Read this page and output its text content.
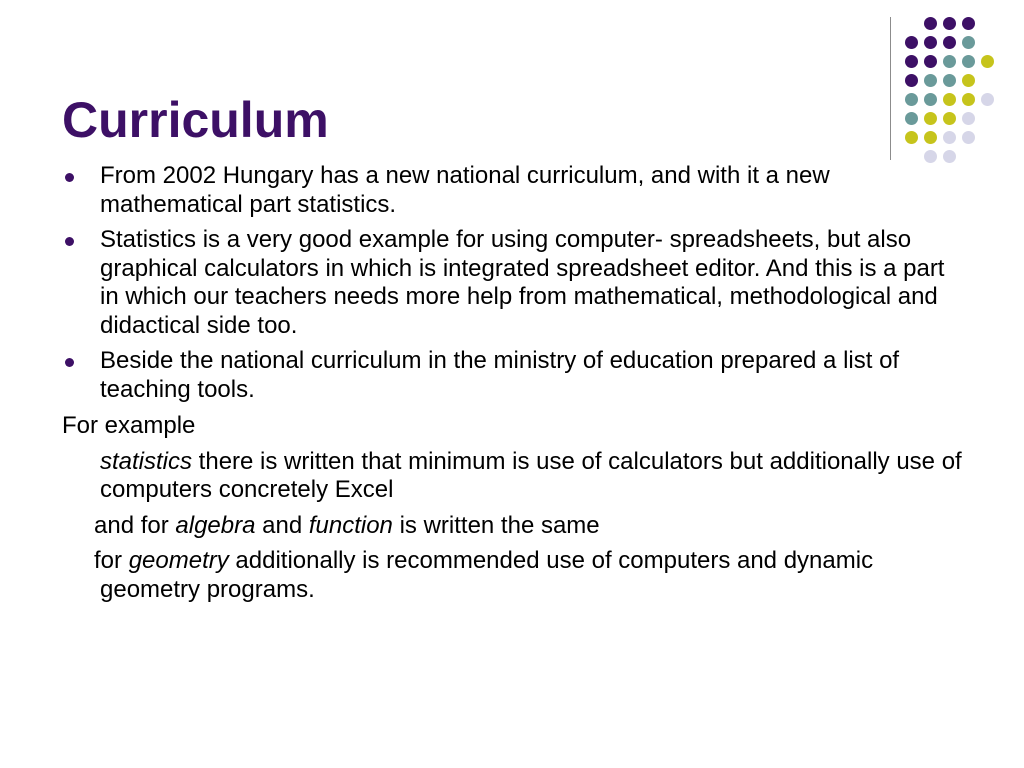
Curriculum
From 2002 Hungary has a new national curriculum, and with it a new mathematical part statistics.
Statistics is a very good example for using computer- spreadsheets, but also graphical calculators in which is integrated spreadsheet editor. And this is a part in which our teachers needs more help from mathematical, methodological and didactical side too.
Beside the national curriculum in the ministry of education prepared a list of teaching tools.
For example
statistics there is written that minimum is use of calculators but additionally use of computers concretely Excel
and for algebra and function is written the same
for geometry additionally is recommended use of computers and dynamic geometry programs.
